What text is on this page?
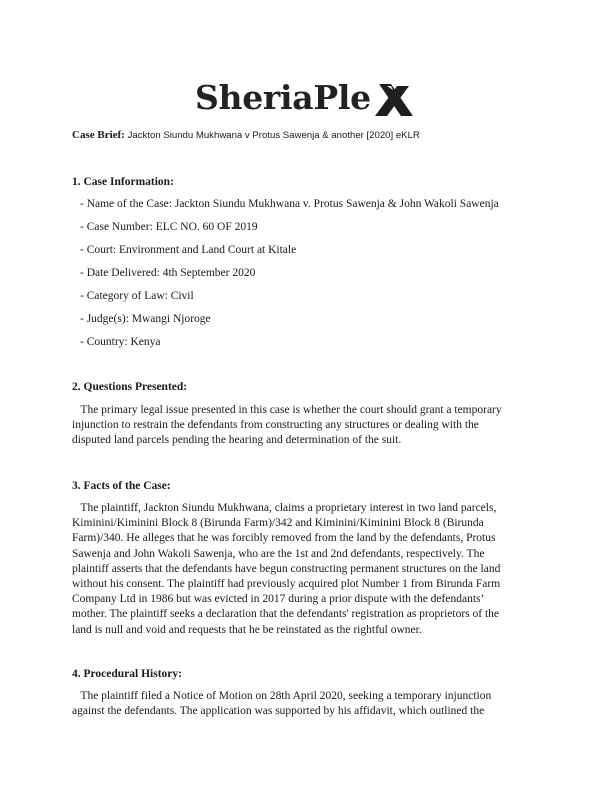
SheriaPle
Case Brief: Jackton Siundu Mukhwana v Protus Sawenja & another [2020] eKLR
1. Case Information:
- Name of the Case: Jackton Siundu Mukhwana v. Protus Sawenja & John Wakoli Sawenja
- Case Number: ELC NO. 60 OF 2019
- Court: Environment and Land Court at Kitale
- Date Delivered: 4th September 2020
- Category of Law: Civil
- Judge(s): Mwangi Njoroge
- Country: Kenya
2. Questions Presented:

The primary legal issue presented in this case is whether the court should grant a temporary
injunction to restrain the defendants from constructing any structures or dealing with the
disputed land parcels pending the hearing and determination of the suit.

3. Facts of the Case:

The plaintiff, Jackton Siundu Mukhwana, claims a proprietary interest in two land parcels,
Kiminini/Kiminini Block 8 (Birunda Farm)/342 and Kiminini/Kiminini Block 8 (Birunda
Farm)/340. He alleges that he was forcibly removed from the land by the defendants, Protus
Sawenja and John Wakoli Sawenja, who are the 1st and 2nd defendants, respectively. The
plaintiff asserts that the defendants have begun constructing permanent structures on the land
without his consent. The plaintiff had previously acquired plot Number 1 from Birunda Farm
Company Ltd in 1986 but was evicted in 2017 during a prior dispute with the defendants’
mother. The plaintiff seeks a declaration that the defendants' registration as proprietors of the
land is null and void and requests that he be reinstated as the rightful owner.

4. Procedural History:

The plaintiff filed a Notice of Motion on 28th April 2020, seeking a temporary injunction
against the defendants. The application was supported by his affidavit, which outlined the
